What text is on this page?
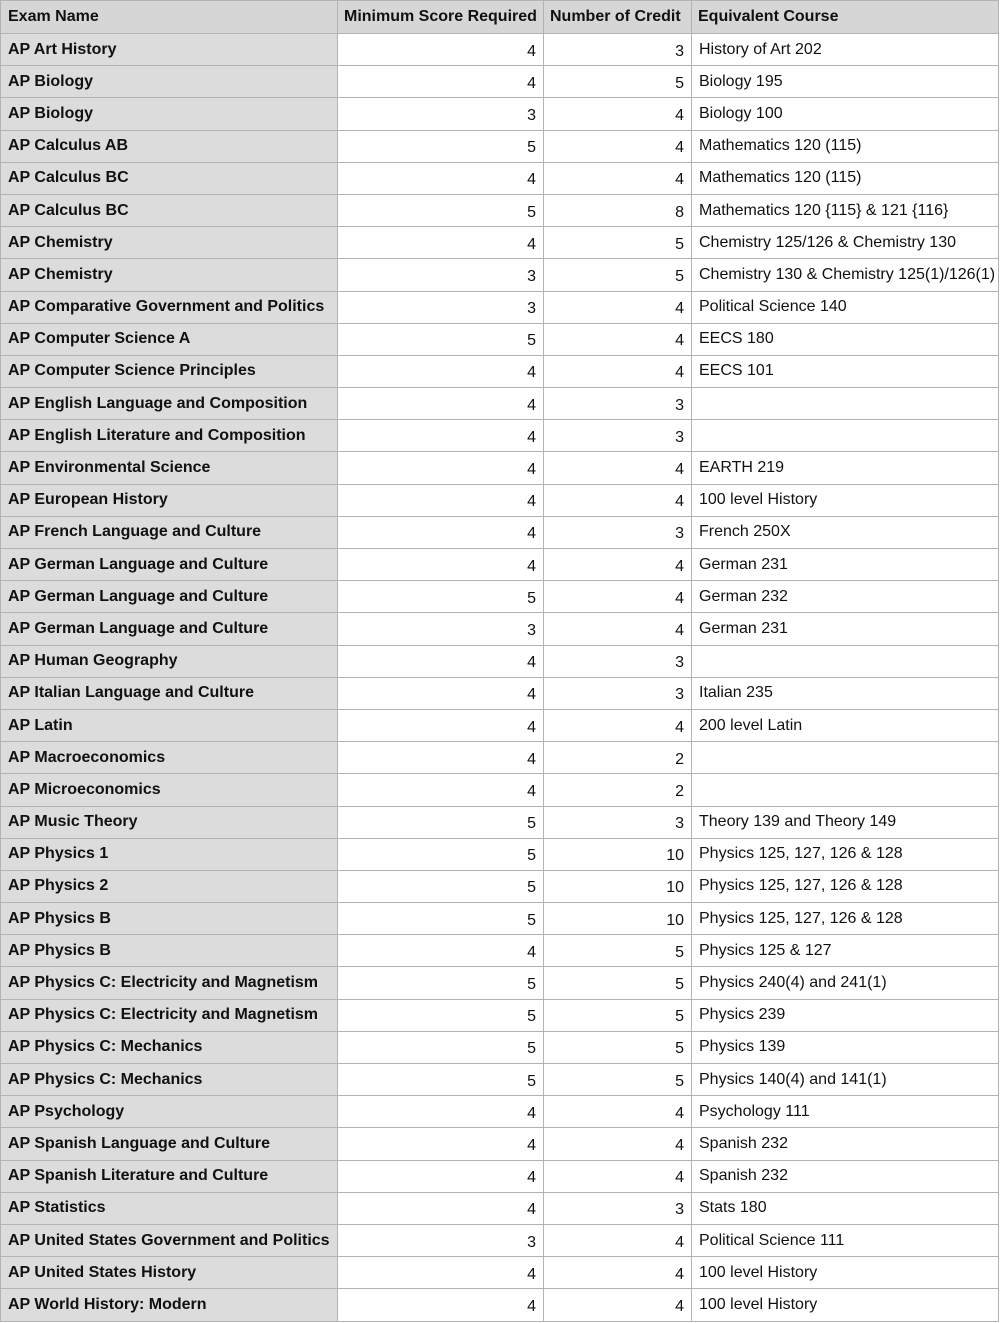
Exam Name	Minimum Score Required	Number of Credit	Equivalent Course
AP Art History	4	3	History of Art 202
AP Biology	4	5	Biology 195
AP Biology	3	4	Biology 100
AP Calculus AB	5	4	Mathematics 120 (115)
AP Calculus BC	4	4	Mathematics 120 (115)
AP Calculus BC	5	8	Mathematics 120 {115} & 121 {116}
AP Chemistry	4	5	Chemistry 125/126 & Chemistry 130
AP Chemistry	3	5	Chemistry 130 & Chemistry 125(1)/126(1)
AP Comparative Government and Politics	3	4	Political Science 140
AP Computer Science A	5	4	EECS 180
AP Computer Science Principles	4	4	EECS 101
AP English Language and Composition	4	3	
AP English Literature and Composition	4	3	
AP Environmental Science	4	4	EARTH 219
AP European History	4	4	100 level History
AP French Language and Culture	4	3	French 250X
AP German Language and Culture	4	4	German 231
AP German Language and Culture	5	4	German 232
AP German Language and Culture	3	4	German 231
AP Human Geography	4	3	
AP Italian Language and Culture	4	3	Italian 235
AP Latin	4	4	200 level Latin
AP Macroeconomics	4	2	
AP Microeconomics	4	2	
AP Music Theory	5	3	Theory 139 and Theory 149
AP Physics 1	5	10	Physics 125, 127, 126 & 128
AP Physics 2	5	10	Physics 125, 127, 126 & 128
AP Physics B	5	10	Physics 125, 127, 126 & 128
AP Physics B	4	5	Physics 125 & 127
AP Physics C: Electricity and Magnetism	5	5	Physics 240(4) and 241(1)
AP Physics C: Electricity and Magnetism	5	5	Physics 239
AP Physics C: Mechanics	5	5	Physics 139
AP Physics C: Mechanics	5	5	Physics 140(4) and 141(1)
AP Psychology	4	4	Psychology 111
AP Spanish Language and Culture	4	4	Spanish 232
AP Spanish Literature and Culture	4	4	Spanish 232
AP Statistics	4	3	Stats 180
AP United States Government and Politics	3	4	Political Science 111
AP United States History	4	4	100 level History
AP World History: Modern	4	4	100 level History
